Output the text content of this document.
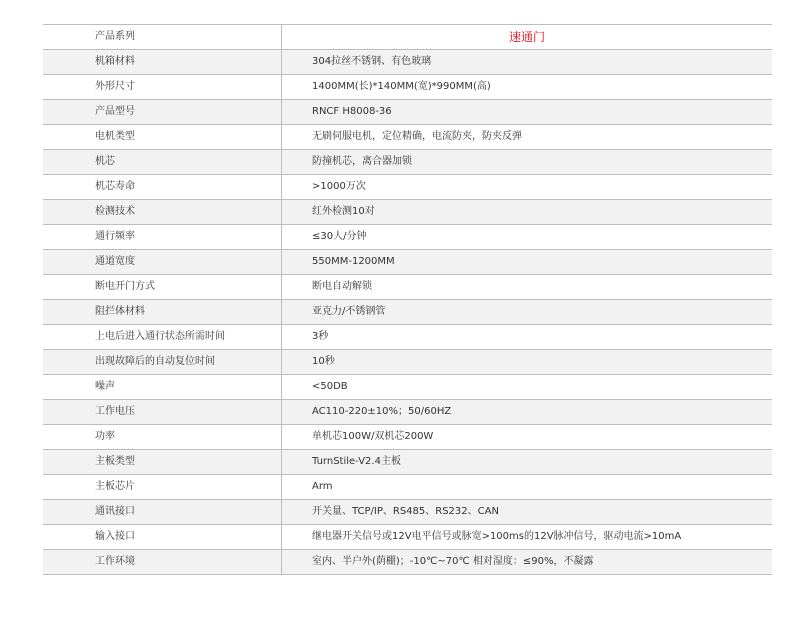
产品系列	速通门
机箱材料	304拉丝不锈钢、有色玻璃
外形尺寸	1400MM(长)*140MM(宽)*990MM(高)
产品型号	RNCF H8008-36
电机类型	无刷伺服电机，定位精确，电流防夹，防夹反弹
机芯	防撞机芯，离合器加锁
机芯寿命	>1000万次
检测技术	红外检测10对
通行频率	≤30人/分钟
通道宽度	550MM-1200MM
断电开门方式	断电自动解锁
阻拦体材料	亚克力/不锈钢管
上电后进入通行状态所需时间	3秒
出现故障后的自动复位时间	10秒
噪声	<50DB
工作电压	AC110-220±10%；50/60HZ
功率	单机芯100W/双机芯200W
主板类型	TurnStile-V2.4主板
主板芯片	Arm
通讯接口	开关量、TCP/IP、RS485、RS232、CAN
输入接口	继电器开关信号或12V电平信号或脉宽>100ms的12V脉冲信号，驱动电流>10mA
工作环境	室内、半户外(荫棚)；-10℃~70℃ 相对湿度：≤90%，不凝露
